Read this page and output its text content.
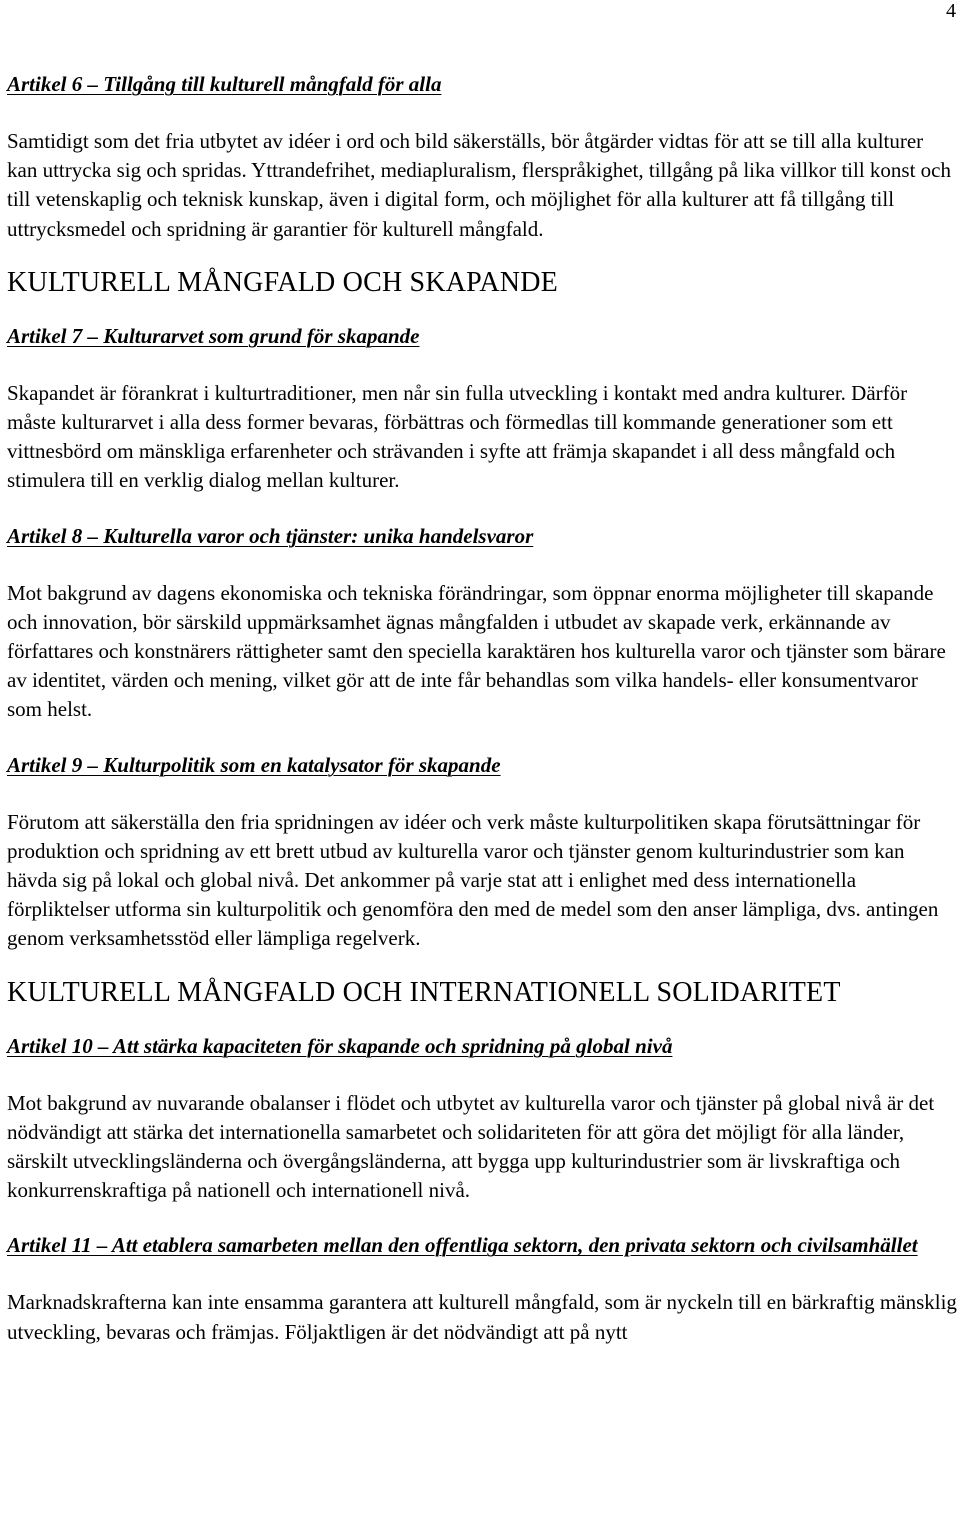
4
Artikel 6 – Tillgång till kulturell mångfald för alla

Samtidigt som det fria utbytet av idéer i ord och bild säkerställs, bör åtgärder vidtas för att se till alla kulturer kan uttrycka sig och spridas. Yttrandefrihet, mediapluralism, flerspråkighet, tillgång på lika villkor till konst och till vetenskaplig och teknisk kunskap, även i digital form, och möjlighet för alla kulturer att få tillgång till uttrycksmedel och spridning är garantier för kulturell mångfald.

KULTURELL MÅNGFALD OCH SKAPANDE
Artikel 7 – Kulturarvet som grund för skapande

Skapandet är förankrat i kulturtraditioner, men når sin fulla utveckling i kontakt med andra kulturer. Därför måste kulturarvet i alla dess former bevaras, förbättras och förmedlas till kommande generationer som ett vittnesbörd om mänskliga erfarenheter och strävanden i syfte att främja skapandet i all dess mångfald och stimulera till en verklig dialog mellan kulturer.

Artikel 8 – Kulturella varor och tjänster: unika handelsvaror

Mot bakgrund av dagens ekonomiska och tekniska förändringar, som öppnar enorma möjligheter till skapande och innovation, bör särskild uppmärksamhet ägnas mångfalden i utbudet av skapade verk, erkännande av författares och konstnärers rättigheter samt den speciella karaktären hos kulturella varor och tjänster som bärare av identitet, värden och mening, vilket gör att de inte får behandlas som vilka handels- eller konsumentvaror som helst.

Artikel 9 – Kulturpolitik som en katalysator för skapande

Förutom att säkerställa den fria spridningen av idéer och verk måste kulturpolitiken skapa förutsättningar för produktion och spridning av ett brett utbud av kulturella varor och tjänster genom kulturindustrier som kan hävda sig på lokal och global nivå. Det ankommer på varje stat att i enlighet med dess internationella förpliktelser utforma sin kulturpolitik och genomföra den med de medel som den anser lämpliga, dvs. antingen genom verksamhetsstöd eller lämpliga regelverk.

KULTURELL MÅNGFALD OCH INTERNATIONELL SOLIDARITET
Artikel 10 – Att stärka kapaciteten för skapande och spridning på global nivå

Mot bakgrund av nuvarande obalanser i flödet och utbytet av kulturella varor och tjänster på global nivå är det nödvändigt att stärka det internationella samarbetet och solidariteten för att göra det möjligt för alla länder, särskilt utvecklingsländerna och övergångsländerna, att bygga upp kulturindustrier som är livskraftiga och konkurrenskraftiga på nationell och internationell nivå.

Artikel 11 – Att etablera samarbeten mellan den offentliga sektorn, den privata sektorn och civilsamhället

Marknadskrafterna kan inte ensamma garantera att kulturell mångfald, som är nyckeln till en bärkraftig mänsklig utveckling, bevaras och främjas. Följaktligen är det nödvändigt att på nytt
